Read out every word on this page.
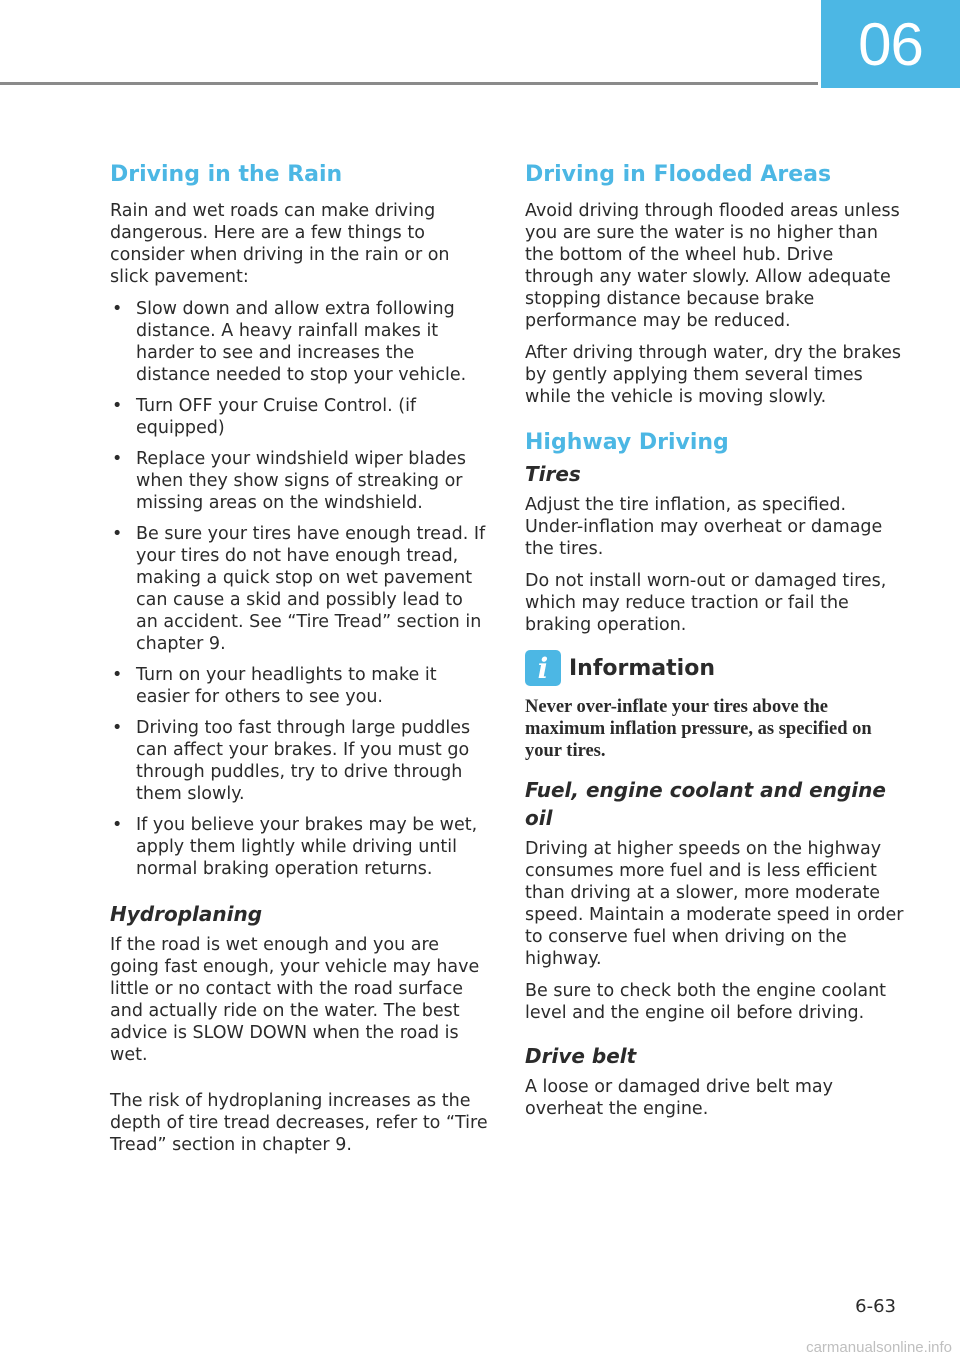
06
Driving in the Rain

Rain and wet roads can make driving dangerous. Here are a few things to consider when driving in the rain or on slick pavement:

• Slow down and allow extra following distance. A heavy rainfall makes it harder to see and increases the distance needed to stop your vehicle.
• Turn OFF your Cruise Control. (if equipped)
• Replace your windshield wiper blades when they show signs of streaking or missing areas on the windshield.
• Be sure your tires have enough tread. If your tires do not have enough tread, making a quick stop on wet pavement can cause a skid and possibly lead to an accident. See “Tire Tread” section in chapter 9.
• Turn on your headlights to make it easier for others to see you.
• Driving too fast through large puddles can affect your brakes. If you must go through puddles, try to drive through them slowly.
• If you believe your brakes may be wet, apply them lightly while driving until normal braking operation returns.
Hydroplaning

If the road is wet enough and you are going fast enough, your vehicle may have little or no contact with the road surface and actually ride on the water. The best advice is SLOW DOWN when the road is wet.

The risk of hydroplaning increases as the depth of tire tread decreases, refer to “Tire Tread” section in chapter 9.

Driving in Flooded Areas

Avoid driving through flooded areas unless you are sure the water is no higher than the bottom of the wheel hub. Drive through any water slowly. Allow adequate stopping distance because brake performance may be reduced.

After driving through water, dry the brakes by gently applying them several times while the vehicle is moving slowly.

Highway Driving
Tires

Adjust the tire inflation, as specified. Under-inflation may overheat or damage the tires.

Do not install worn-out or damaged tires, which may reduce traction or fail the braking operation.

i Information

Never over-inflate your tires above the maximum inflation pressure, as specified on your tires.

Fuel, engine coolant and engine oil

Driving at higher speeds on the highway consumes more fuel and is less efficient than driving at a slower, more moderate speed. Maintain a moderate speed in order to conserve fuel when driving on the highway.

Be sure to check both the engine coolant level and the engine oil before driving.

Drive belt

A loose or damaged drive belt may overheat the engine.

6-63
carmanualsonline.info
